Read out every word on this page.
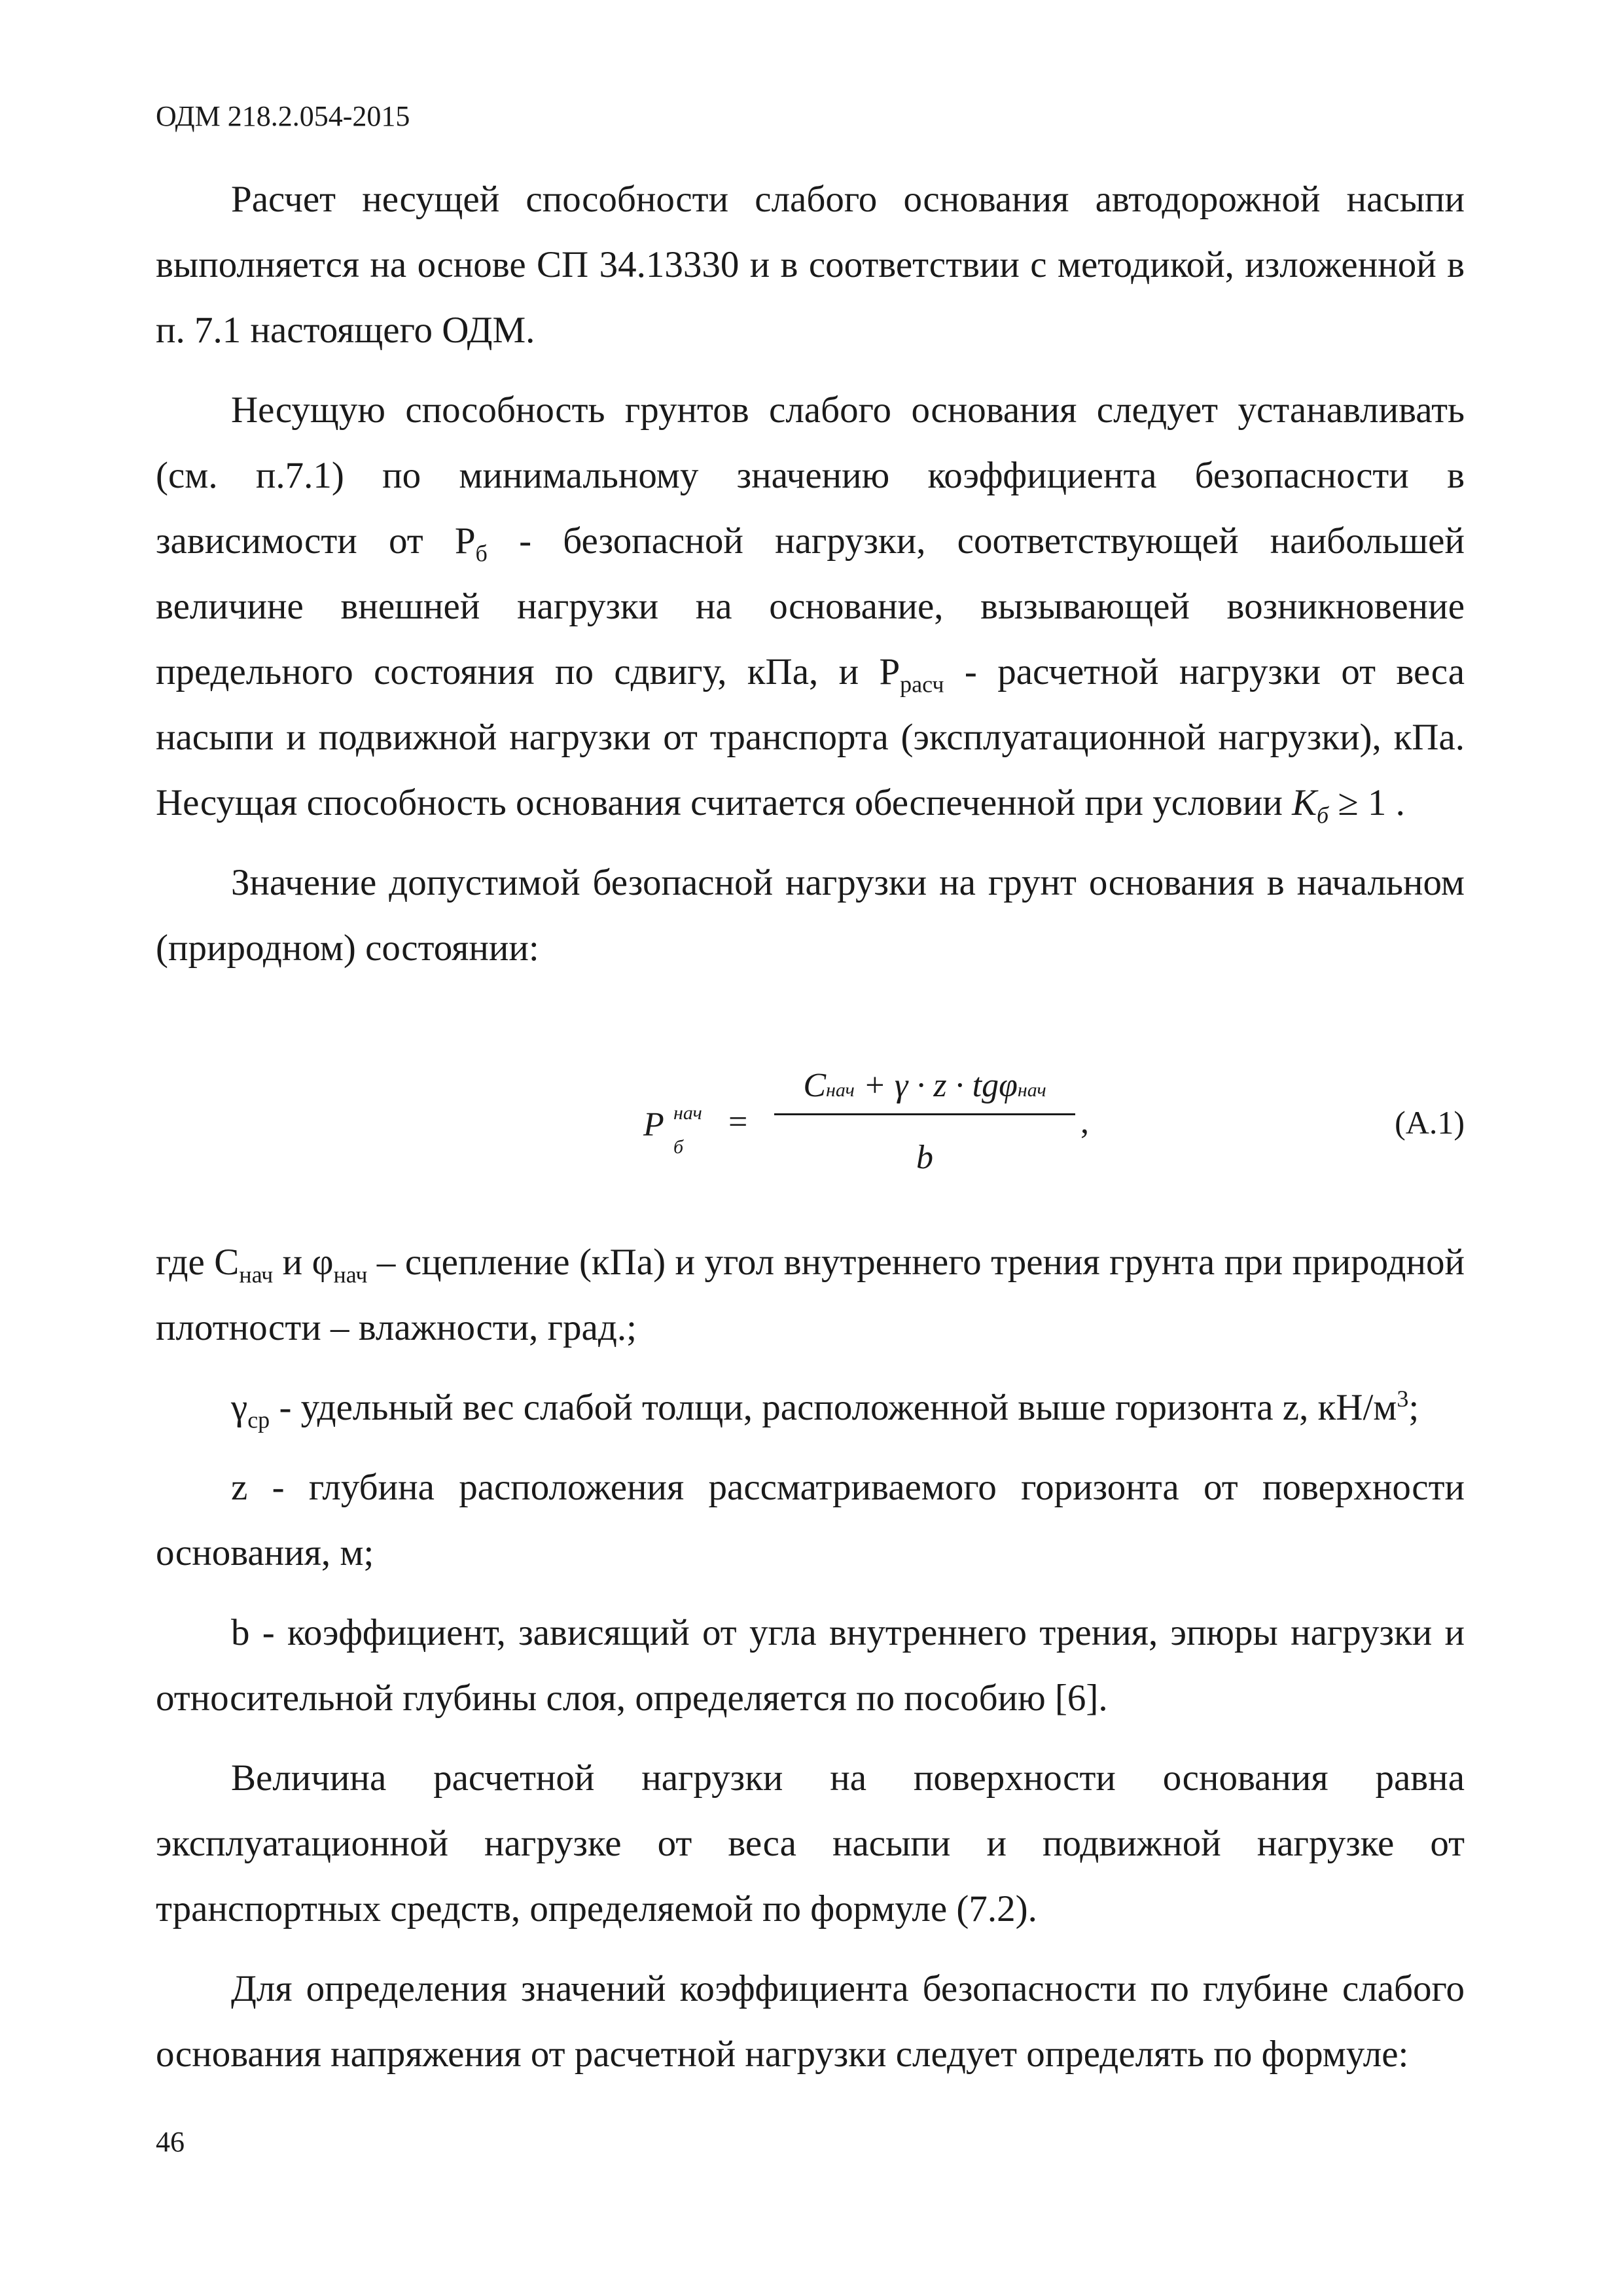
ОДМ 218.2.054-2015

Расчет несущей способности слабого основания автодорожной насыпи выполняется на основе СП 34.13330 и в соответствии с методикой, изложенной в п. 7.1 настоящего ОДМ.

Несущую способность грунтов слабого основания следует устанавливать (см. п.7.1) по минимальному значению коэффициента безопасности в зависимости от $Р_б$ - безопасной нагрузки, соответствующей наибольшей величине внешней нагрузки на основание, вызывающей возникновение предельного состояния по сдвигу, кПа, и $Р_{расч}$ - расчетной нагрузки от веса насыпи и подвижной нагрузки от транспорта (эксплуатационной нагрузки), кПа. Несущая способность основания считается обеспеченной при условии $К_б \ge 1$ .

Значение допустимой безопасной нагрузки на грунт основания в начальном (природном) состоянии:

P нач
б
=
Cнач + γ · z · tgφнач
b
,	(А.1)

где $С_{нач}$ и $\varphi_{нач}$ – сцепление (кПа) и угол внутреннего трения грунта при природной плотности – влажности, град.;

$\gamma_{ср}$ - удельный вес слабой толщи, расположенной выше горизонта z, $кН/м^3$;

z - глубина расположения рассматриваемого горизонта от поверхности основания, м;

b - коэффициент, зависящий от угла внутреннего трения, эпюры нагрузки и относительной глубины слоя, определяется по пособию [6].

Величина расчетной нагрузки на поверхности основания равна эксплуатационной нагрузке от веса насыпи и подвижной нагрузке от транспортных средств, определяемой по формуле (7.2).

Для определения значений коэффициента безопасности по глубине слабого основания напряжения от расчетной нагрузки следует определять по формуле:

46
